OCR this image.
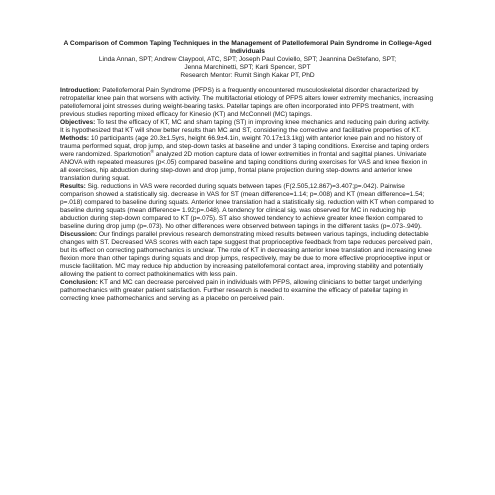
A Comparison of Common Taping Techniques in the Management of Patellofemoral Pain Syndrome in College-Aged Individuals
Linda Annan, SPT; Andrew Claypool, ATC, SPT; Joseph Paul Coviello, SPT; Jeannina DeStefano, SPT;
Jenna Marchinetti, SPT; Karli Spencer, SPT
Research Mentor: Rumit Singh Kakar PT, PhD

Introduction: Patellofemoral Pain Syndrome (PFPS) is a frequently encountered musculoskeletal disorder characterized by retropatellar knee pain that worsens with activity. The multifactorial etiology of PFPS alters lower extremity mechanics, increasing patellofemoral joint stresses during weight-bearing tasks. Patellar tapings are often incorporated into PFPS treatment, with previous studies reporting mixed efficacy for Kinesio (KT) and McConnell (MC) tapings.

Objectives: To test the efficacy of KT, MC and sham taping (ST) in improving knee mechanics and reducing pain during activity. It is hypothesized that KT will show better results than MC and ST, considering the corrective and facilitative properties of KT.

Methods: 10 participants (age 20.3±1.5yrs, height 66.9±4.1in, weight 70.17±13.1kg) with anterior knee pain and no history of trauma performed squat, drop jump, and step-down tasks at baseline and under 3 taping conditions. Exercise and taping orders were randomized. Sparkmotion® analyzed 2D motion capture data of lower extremities in frontal and sagittal planes. Univariate ANOVA with repeated measures (p<.05) compared baseline and taping conditions during exercises for VAS and knee flexion in all exercises, hip abduction during step-down and drop jump, frontal plane projection during step-downs and anterior knee translation during squat.

Results: Sig. reductions in VAS were recorded during squats between tapes (F(2.505,12.867)=3.407;p=.042). Pairwise comparison showed a statistically sig. decrease in VAS for ST (mean difference=1.14; p=.008) and KT (mean difference=1.54; p=.018) compared to baseline during squats. Anterior knee translation had a statistically sig. reduction with KT when compared to baseline during squats (mean difference= 1.92;p=.048). A tendency for clinical sig. was observed for MC in reducing hip abduction during step-down compared to KT (p=.075). ST also showed tendency to achieve greater knee flexion compared to baseline during drop jump (p=.073). No other differences were observed between tapings in the different tasks (p=.073-.949). Discussion: Our findings parallel previous research demonstrating mixed results between various tapings, including detectable changes with ST. Decreased VAS scores with each tape suggest that proprioceptive feedback from tape reduces perceived pain, but its effect on correcting pathomechanics is unclear. The role of KT in decreasing anterior knee translation and increasing knee flexion more than other tapings during squats and drop jumps, respectively, may be due to more effective proprioceptive input or muscle facilitation. MC may reduce hip abduction by increasing patellofemoral contact area, improving stability and potentially allowing the patient to correct pathokinematics with less pain.

Conclusion: KT and MC can decrease perceived pain in individuals with PFPS, allowing clinicians to better target underlying pathomechanics with greater patient satisfaction. Further research is needed to examine the efficacy of patellar taping in correcting knee pathomechanics and serving as a placebo on perceived pain.
